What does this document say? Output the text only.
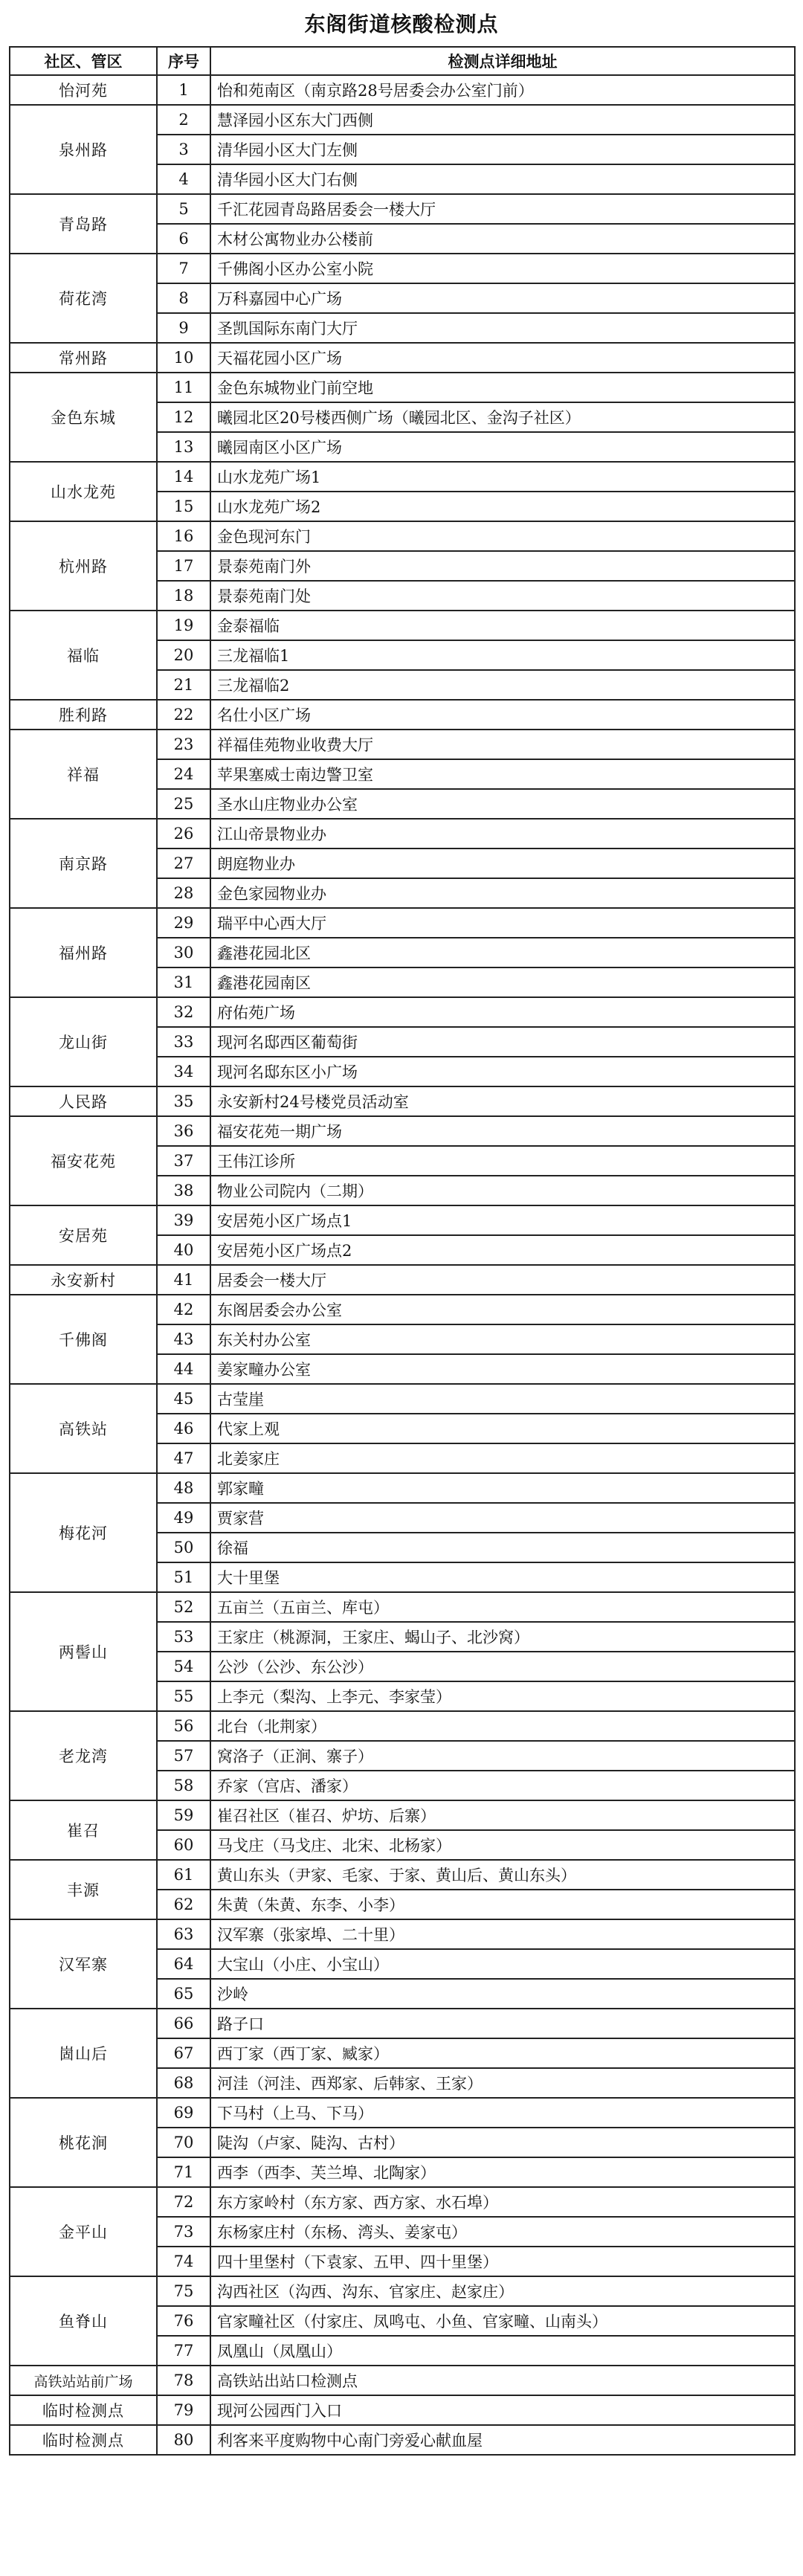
东阁街道核酸检测点
社区、管区	序号	检测点详细地址
怡河苑	1	怡和苑南区（南京路28号居委会办公室门前）
泉州路	2	慧泽园小区东大门西侧
	3	清华园小区大门左侧
	4	清华园小区大门右侧
青岛路	5	千汇花园青岛路居委会一楼大厅
	6	木材公寓物业办公楼前
荷花湾	7	千佛阁小区办公室小院
	8	万科嘉园中心广场
	9	圣凯国际东南门大厅
常州路	10	天福花园小区广场
金色东城	11	金色东城物业门前空地
	12	曦园北区20号楼西侧广场（曦园北区、金沟子社区）
	13	曦园南区小区广场
山水龙苑	14	山水龙苑广场1
	15	山水龙苑广场2
杭州路	16	金色现河东门
	17	景泰苑南门外
	18	景泰苑南门处
福临	19	金泰福临
	20	三龙福临1
	21	三龙福临2
胜利路	22	名仕小区广场
祥福	23	祥福佳苑物业收费大厅
	24	苹果塞威士南边警卫室
	25	圣水山庄物业办公室
南京路	26	江山帝景物业办
	27	朗庭物业办
	28	金色家园物业办
福州路	29	瑞平中心西大厅
	30	鑫港花园北区
	31	鑫港花园南区
龙山街	32	府佑苑广场
	33	现河名邸西区葡萄街
	34	现河名邸东区小广场
人民路	35	永安新村24号楼党员活动室
福安花苑	36	福安花苑一期广场
	37	王伟江诊所
	38	物业公司院内（二期）
安居苑	39	安居苑小区广场点1
	40	安居苑小区广场点2
永安新村	41	居委会一楼大厅
千佛阁	42	东阁居委会办公室
	43	东关村办公室
	44	姜家疃办公室
高铁站	45	古莹崖
	46	代家上观
	47	北姜家庄
梅花河	48	郭家疃
	49	贾家营
	50	徐福
	51	大十里堡
两髻山	52	五亩兰（五亩兰、库屯）
	53	王家庄（桃源洞，王家庄、蝎山子、北沙窝）
	54	公沙（公沙、东公沙）
	55	上李元（梨沟、上李元、李家莹）
老龙湾	56	北台（北荆家）
	57	窝洛子（正涧、寨子）
	58	乔家（宫店、潘家）
崔召	59	崔召社区（崔召、炉坊、后寨）
	60	马戈庄（马戈庄、北宋、北杨家）
丰源	61	黄山东头（尹家、毛家、于家、黄山后、黄山东头）
	62	朱黄（朱黄、东李、小李）
汉军寨	63	汉军寨（张家埠、二十里）
	64	大宝山（小庄、小宝山）
	65	沙岭
崮山后	66	路子口
	67	西丁家（西丁家、臧家）
	68	河洼（河洼、西郑家、后韩家、王家）
桃花涧	69	下马村（上马、下马）
	70	陡沟（卢家、陡沟、古村）
	71	西李（西李、芙兰埠、北陶家）
金平山	72	东方家岭村（东方家、西方家、水石埠）
	73	东杨家庄村（东杨、湾头、姜家屯）
	74	四十里堡村（下袁家、五甲、四十里堡）
鱼脊山	75	沟西社区（沟西、沟东、官家庄、赵家庄）
	76	官家疃社区（付家庄、凤鸣屯、小鱼、官家疃、山南头）
	77	凤凰山（凤凰山）
高铁站站前广场	78	高铁站出站口检测点
临时检测点	79	现河公园西门入口
临时检测点	80	利客来平度购物中心南门旁爱心献血屋
